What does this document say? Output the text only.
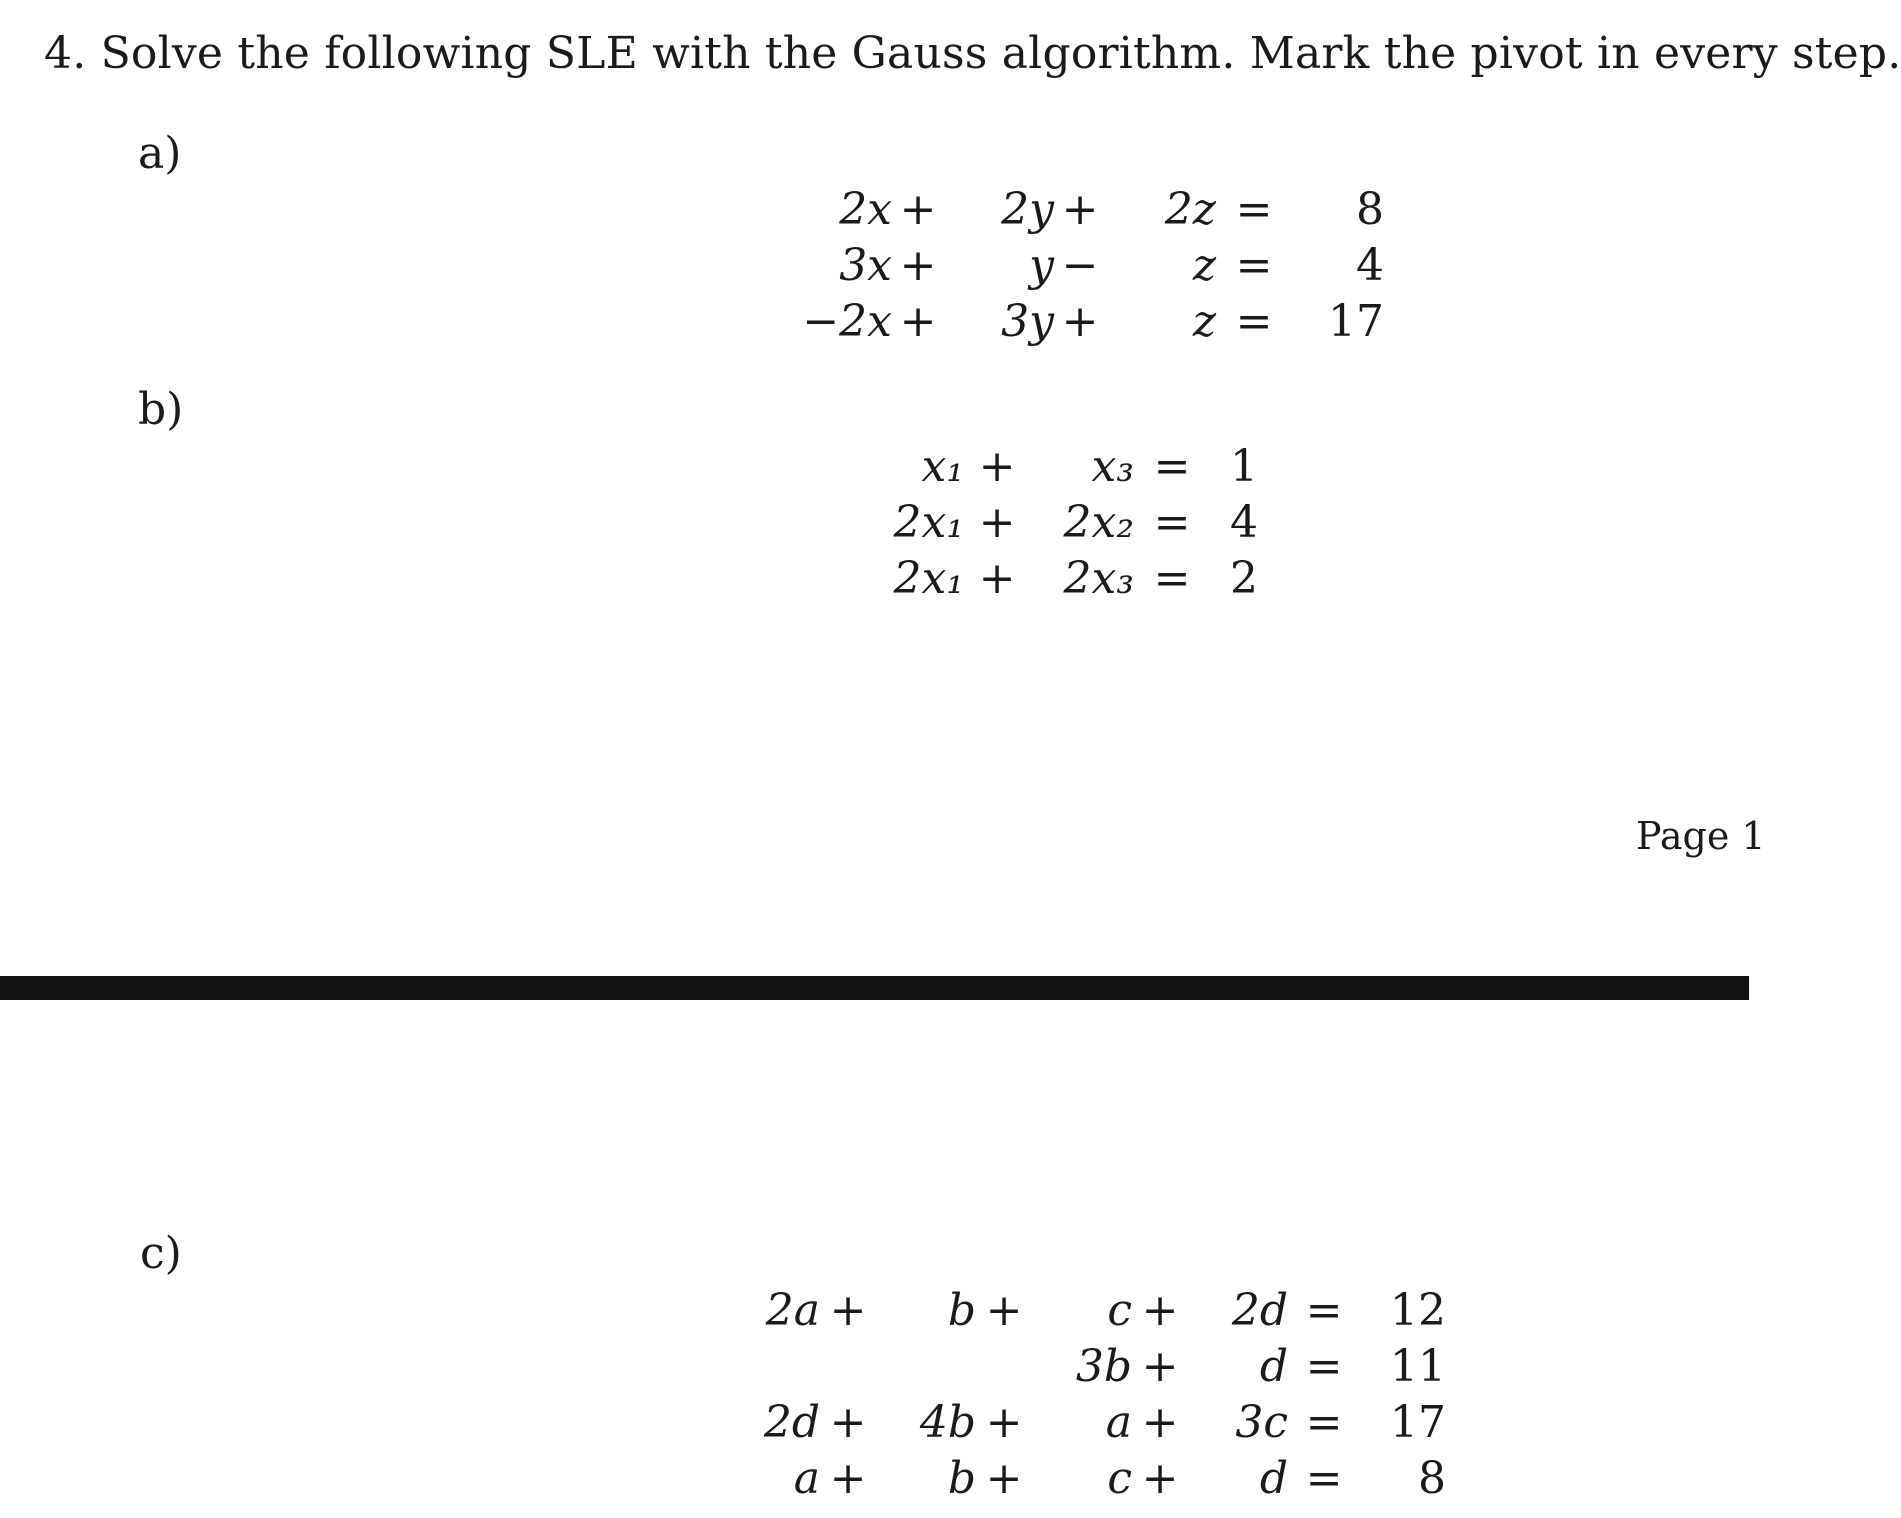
4. Solve the following SLE with the Gauss algorithm. Mark the pivot in every step.
a)
2x	+	2y	+	2z	=	8
3x	+	y	−	z	=	4
−2x	+	3y	+	z	=	17
b)
x₁	+	x₃	=	1
2x₁	+	2x₂	=	4
2x₁	+	2x₃	=	2
Page 1
c)
2a	+	b	+	c	+	2d	=	12
				3b	+	d	=	11
2d	+	4b	+	a	+	3c	=	17
a	+	b	+	c	+	d	=	8
